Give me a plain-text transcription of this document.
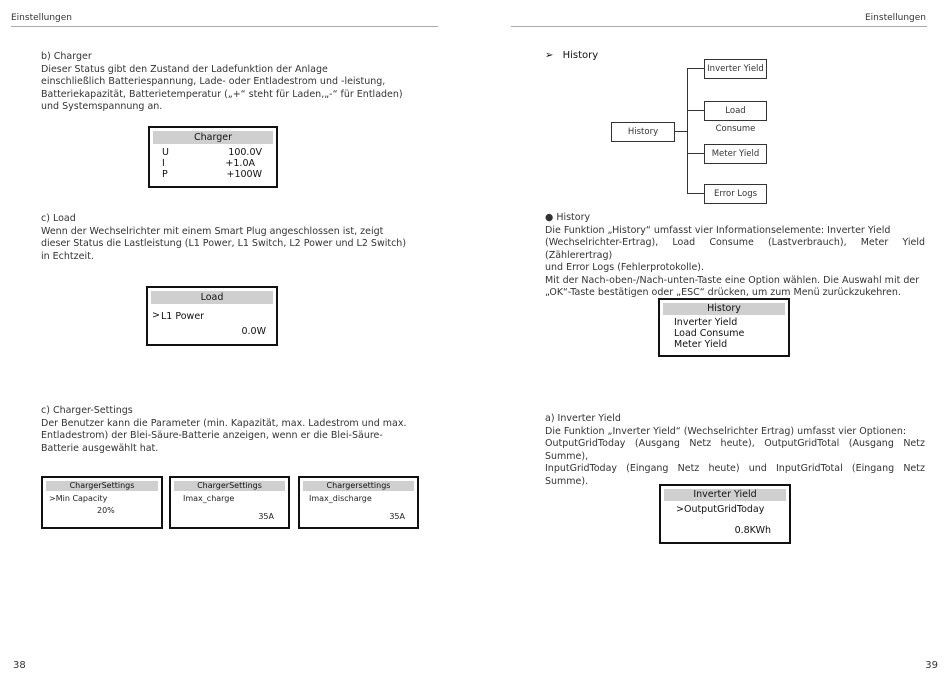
Einstellungen	Einstellungen
b) Charger
Dieser Status gibt den Zustand der Ladefunktion der Anlage
einschließlich Batteriespannung, Lade- oder Entladestrom und -leistung,
Batteriekapazität, Batterietemperatur („+“ steht für Laden,„-“ für Entladen)
und Systemspannung an.
Charger
U	100.0V
I	+1.0A
P	+100W
c) Load
Wenn der Wechselrichter mit einem Smart Plug angeschlossen ist, zeigt
dieser Status die Lastleistung (L1 Power, L1 Switch, L2 Power und L2 Switch)
in Echtzeit.
Load
> L1 Power
0.0W
c) Charger-Settings
Der Benutzer kann die Parameter (min. Kapazität, max. Ladestrom und max.
Entladestrom) der Blei-Säure-Batterie anzeigen, wenn er die Blei-Säure-
Batterie ausgewählt hat.
ChargerSettings
>Min Capacity
20%
ChargerSettings
Imax_charge
35A
Chargersettings
Imax_discharge
35A
38
➢ History
History
Inverter Yield
Load Consume
Meter Yield
Error Logs
● History
Die Funktion „History“ umfasst vier Informationselemente: Inverter Yield
(Wechselrichter-Ertrag), Load Consume (Lastverbrauch), Meter Yield (Zählerertrag)
und Error Logs (Fehlerprotokolle).
Mit der Nach-oben-/Nach-unten-Taste eine Option wählen. Die Auswahl mit der
„OK“-Taste bestätigen oder „ESC“ drücken, um zum Menü zurückzukehren.
History
Inverter Yield
Load Consume
Meter Yield
a) Inverter Yield
Die Funktion „Inverter Yield“ (Wechselrichter Ertrag) umfasst vier Optionen:
OutputGridToday (Ausgang Netz heute), OutputGridTotal (Ausgang Netz Summe),
InputGridToday (Eingang Netz heute) und InputGridTotal (Eingang Netz Summe).
Inverter Yield
>OutputGridToday
0.8KWh
39
